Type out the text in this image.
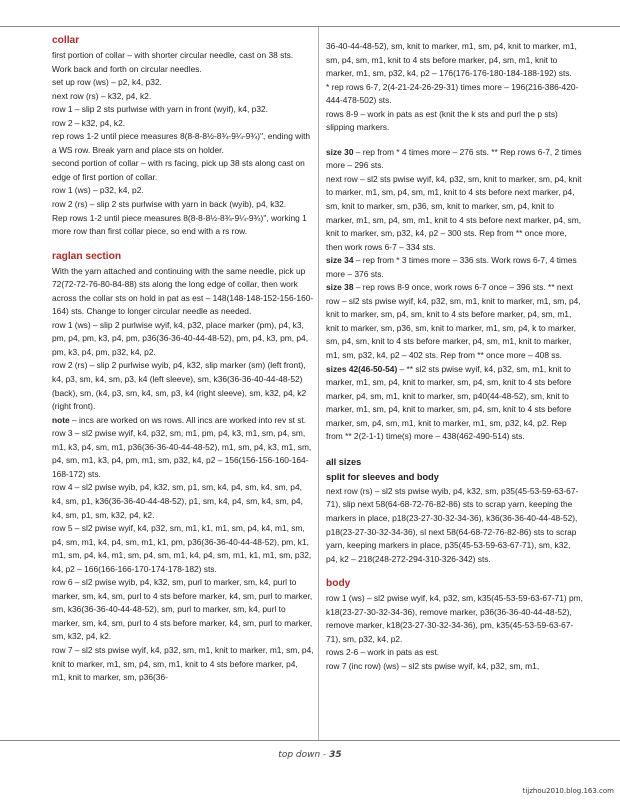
collar

first portion of collar – with shorter circular needle, cast on 38 sts. Work back and forth on circular needles.

set up row (ws) – p2, k4, p32.

next row (rs) – k32, p4, k2.

row 1 – slip 2 sts purlwise with yarn in front (wyif), k4, p32.

row 2 – k32, p4, k2.

rep rows 1-2 until piece measures 8(8-8-8½-8¾-9¼-9¾)", ending with a WS row. Break yarn and place sts on holder.

second portion of collar – with rs facing, pick up 38 sts along cast on edge of first portion of collar.

row 1 (ws) – p32, k4, p2.

row 2 (rs) – slip 2 sts purlwise with yarn in back (wyib), p4, k32.

Rep rows 1-2 until piece measures 8(8-8-8½-8¾-9¼-9¾)", working 1 more row than first collar piece, so end with a rs row.

raglan section

With the yarn attached and continuing with the same needle, pick up 72(72-72-76-80-84-88) sts along the long edge of collar, then work across the collar sts on hold in pat as est – 148(148-148-152-156-160-164) sts. Change to longer circular needle as needed.

row 1 (ws) – slip 2 purlwise wyif, k4, p32, place marker (pm), p4, k3, pm, p4, pm, k3, p4, pm, p36(36-36-40-44-48-52), pm, p4, k3, pm, p4, pm, k3, p4, pm, p32, k4, p2.

row 2 (rs) – slip 2 purlwise wyib, p4, k32, slip marker (sm) (left front), k4, p3, sm, k4, sm, p3, k4 (left sleeve), sm, k36(36-36-40-44-48-52) (back), sm, (k4, p3, sm, k4, sm, p3, k4 (right sleeve), sm, k32, p4, k2 (right front).

note – incs are worked on ws rows. All incs are worked into rev st st.

row 3 – sl2 pwise wyif, k4, p32, sm, m1, pm, p4, k3, m1, sm, p4, sm, m1, k3, p4, sm, m1, p36(36-36-40-44-48-52), m1, sm, p4, k3, m1, sm, p4, sm, m1, k3, p4, pm, m1, sm, p32, k4, p2 – 156(156-156-160-164-168-172) sts.

row 4 – sl2 pwise wyib, p4, k32, sm, p1, sm, k4, p4, sm, k4, sm, p4, k4, sm, p1, k36(36-36-40-44-48-52), p1, sm, k4, p4, sm, k4, sm, p4, k4, sm, p1, sm, k32, p4, k2.

row 5 – sl2 pwise wyif, k4, p32, sm, m1, k1, m1, sm, p4, k4, m1, sm, p4, sm, m1, k4, p4, sm, m1, k1, pm, p36(36-36-40-44-48-52), pm, k1, m1, sm, p4, k4, m1, sm, p4, sm, m1, k4, p4, sm, m1, k1, m1, sm, p32, k4, p2 – 166(166-166-170-174-178-182) sts.

row 6 – sl2 pwise wyib, p4, k32, sm, purl to marker, sm, k4, purl to marker, sm, k4, sm, purl to 4 sts before marker, k4, sm, purl to marker, sm, k36(36-36-40-44-48-52), sm, purl to marker, sm, k4, purl to marker, sm, k4, sm, purl to 4 sts before marker, k4, sm, purl to marker, sm, k32, p4, k2.

row 7 – sl2 sts pwise wyif, k4, p32, sm, m1, knit to marker, m1, sm, p4, knit to marker, m1, sm, p4, sm, m1, knit to 4 sts before marker, p4, m1, knit to marker, sm, p36(36-

36-40-44-48-52), sm, knit to marker, m1, sm, p4, knit to marker, m1, sm, p4, sm, m1, knit to 4 sts before marker, p4, sm, m1, knit to marker, m1, sm, p32, k4, p2 – 176(176-176-180-184-188-192) sts.

* rep rows 6-7, 2(4-21-24-26-29-31) times more – 196(216-386-420-444-478-502) sts.

rows 8-9 – work in pats as est (knit the k sts and purl the p sts) slipping markers.

size 30 – rep from * 4 times more – 276 sts. ** Rep rows 6-7, 2 times more – 296 sts.

next row – sl2 sts pwise wyif, k4, p32, sm, knit to marker, sm, p4, knit to marker, m1, sm, p4, sm, m1, knit to 4 sts before next marker, p4, sm, knit to marker, sm, p36, sm, knit to marker, sm, p4, knit to marker, m1, sm, p4, sm, m1, knit to 4 sts before next marker, p4, sm, knit to marker, sm, p32, k4, p2 – 300 sts. Rep from ** once more, then work rows 6-7 – 334 sts.

size 34 – rep from * 3 times more – 336 sts. Work rows 6-7, 4 times more – 376 sts.

size 38 – rep rows 8-9 once, work rows 6-7 once – 396 sts. ** next row – sl2 sts pwise wyif, k4, p32, sm, m1, knit to marker, m1, sm, p4, knit to marker, sm, p4, sm, knit to 4 sts before marker, p4, sm, m1, knit to marker, sm, p36, sm, knit to marker, m1, sm, p4, k to marker, sm, p4, sm, knit to 4 sts before marker, p4, sm, m1, knit to marker, m1, sm, p32, k4, p2 – 402 sts. Rep from ** once more – 408 ss.

sizes 42(46-50-54) – ** sl2 sts pwise wyif, k4, p32, sm, m1, knit to marker, m1, sm, p4, knit to marker, sm, p4, sm, knit to 4 sts before marker, p4, sm, m1, knit to marker, sm, p40(44-48-52), sm, knit to marker, m1, sm, p4, knit to marker, sm, p4, sm, knit to 4 sts before marker, sm, p4, sm, m1, knit to marker, m1, sm, p32, k4, p2. Rep from ** 2(2-1-1) time(s) more – 438(462-490-514) sts.

all sizes
split for sleeves and body

next row (rs) – sl2 sts pwise wyib, p4, k32, sm, p35(45-53-59-63-67-71), slip next 58(64-68-72-76-82-86) sts to scrap yarn, keeping the markers in place, p18(23-27-30-32-34-36), k36(36-36-40-44-48-52), p18(23-27-30-32-34-36), sl next 58(64-68-72-76-82-86) sts to scrap yarn, keeping markers in place, p35(45-53-59-63-67-71), sm, k32, p4, k2 – 218(248-272-294-310-326-342) sts.

body

row 1 (ws) – sl2 pwise wyif, k4, p32, sm, k35(45-53-59-63-67-71) pm, k18(23-27-30-32-34-36), remove marker, p36(36-36-40-44-48-52), remove marker, k18(23-27-30-32-34-36), pm, k35(45-53-59-63-67-71), sm, p32, k4, p2.

rows 2-6 – work in pats as est.

row 7 (inc row) (ws) – sl2 sts pwise wyif, k4, p32, sm, m1,

top down - 35
tijzhou2010.blog.163.com
